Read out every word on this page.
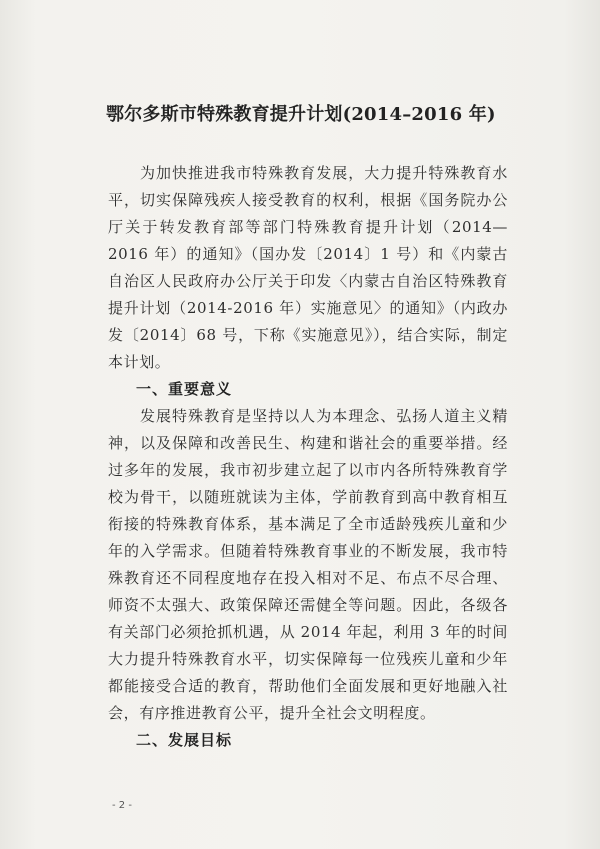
鄂尔多斯市特殊教育提升计划(2014–2016 年)

为加快推进我市特殊教育发展，大力提升特殊教育水平，切实保障残疾人接受教育的权利，根据《国务院办公厅关于转发教育部等部门特殊教育提升计划（2014—2016 年）的通知》（国办发〔2014〕1 号）和《内蒙古自治区人民政府办公厅关于印发〈内蒙古自治区特殊教育提升计划（2014-2016 年）实施意见〉的通知》（内政办发〔2014〕68 号，下称《实施意见》），结合实际，制定本计划。

一、重要意义

发展特殊教育是坚持以人为本理念、弘扬人道主义精神，以及保障和改善民生、构建和谐社会的重要举措。经过多年的发展，我市初步建立起了以市内各所特殊教育学校为骨干，以随班就读为主体，学前教育到高中教育相互衔接的特殊教育体系，基本满足了全市适龄残疾儿童和少年的入学需求。但随着特殊教育事业的不断发展，我市特殊教育还不同程度地存在投入相对不足、布点不尽合理、师资不太强大、政策保障还需健全等问题。因此，各级各有关部门必须抢抓机遇，从 2014 年起，利用 3 年的时间大力提升特殊教育水平，切实保障每一位残疾儿童和少年都能接受合适的教育，帮助他们全面发展和更好地融入社会，有序推进教育公平，提升全社会文明程度。

二、发展目标

- 2 -
